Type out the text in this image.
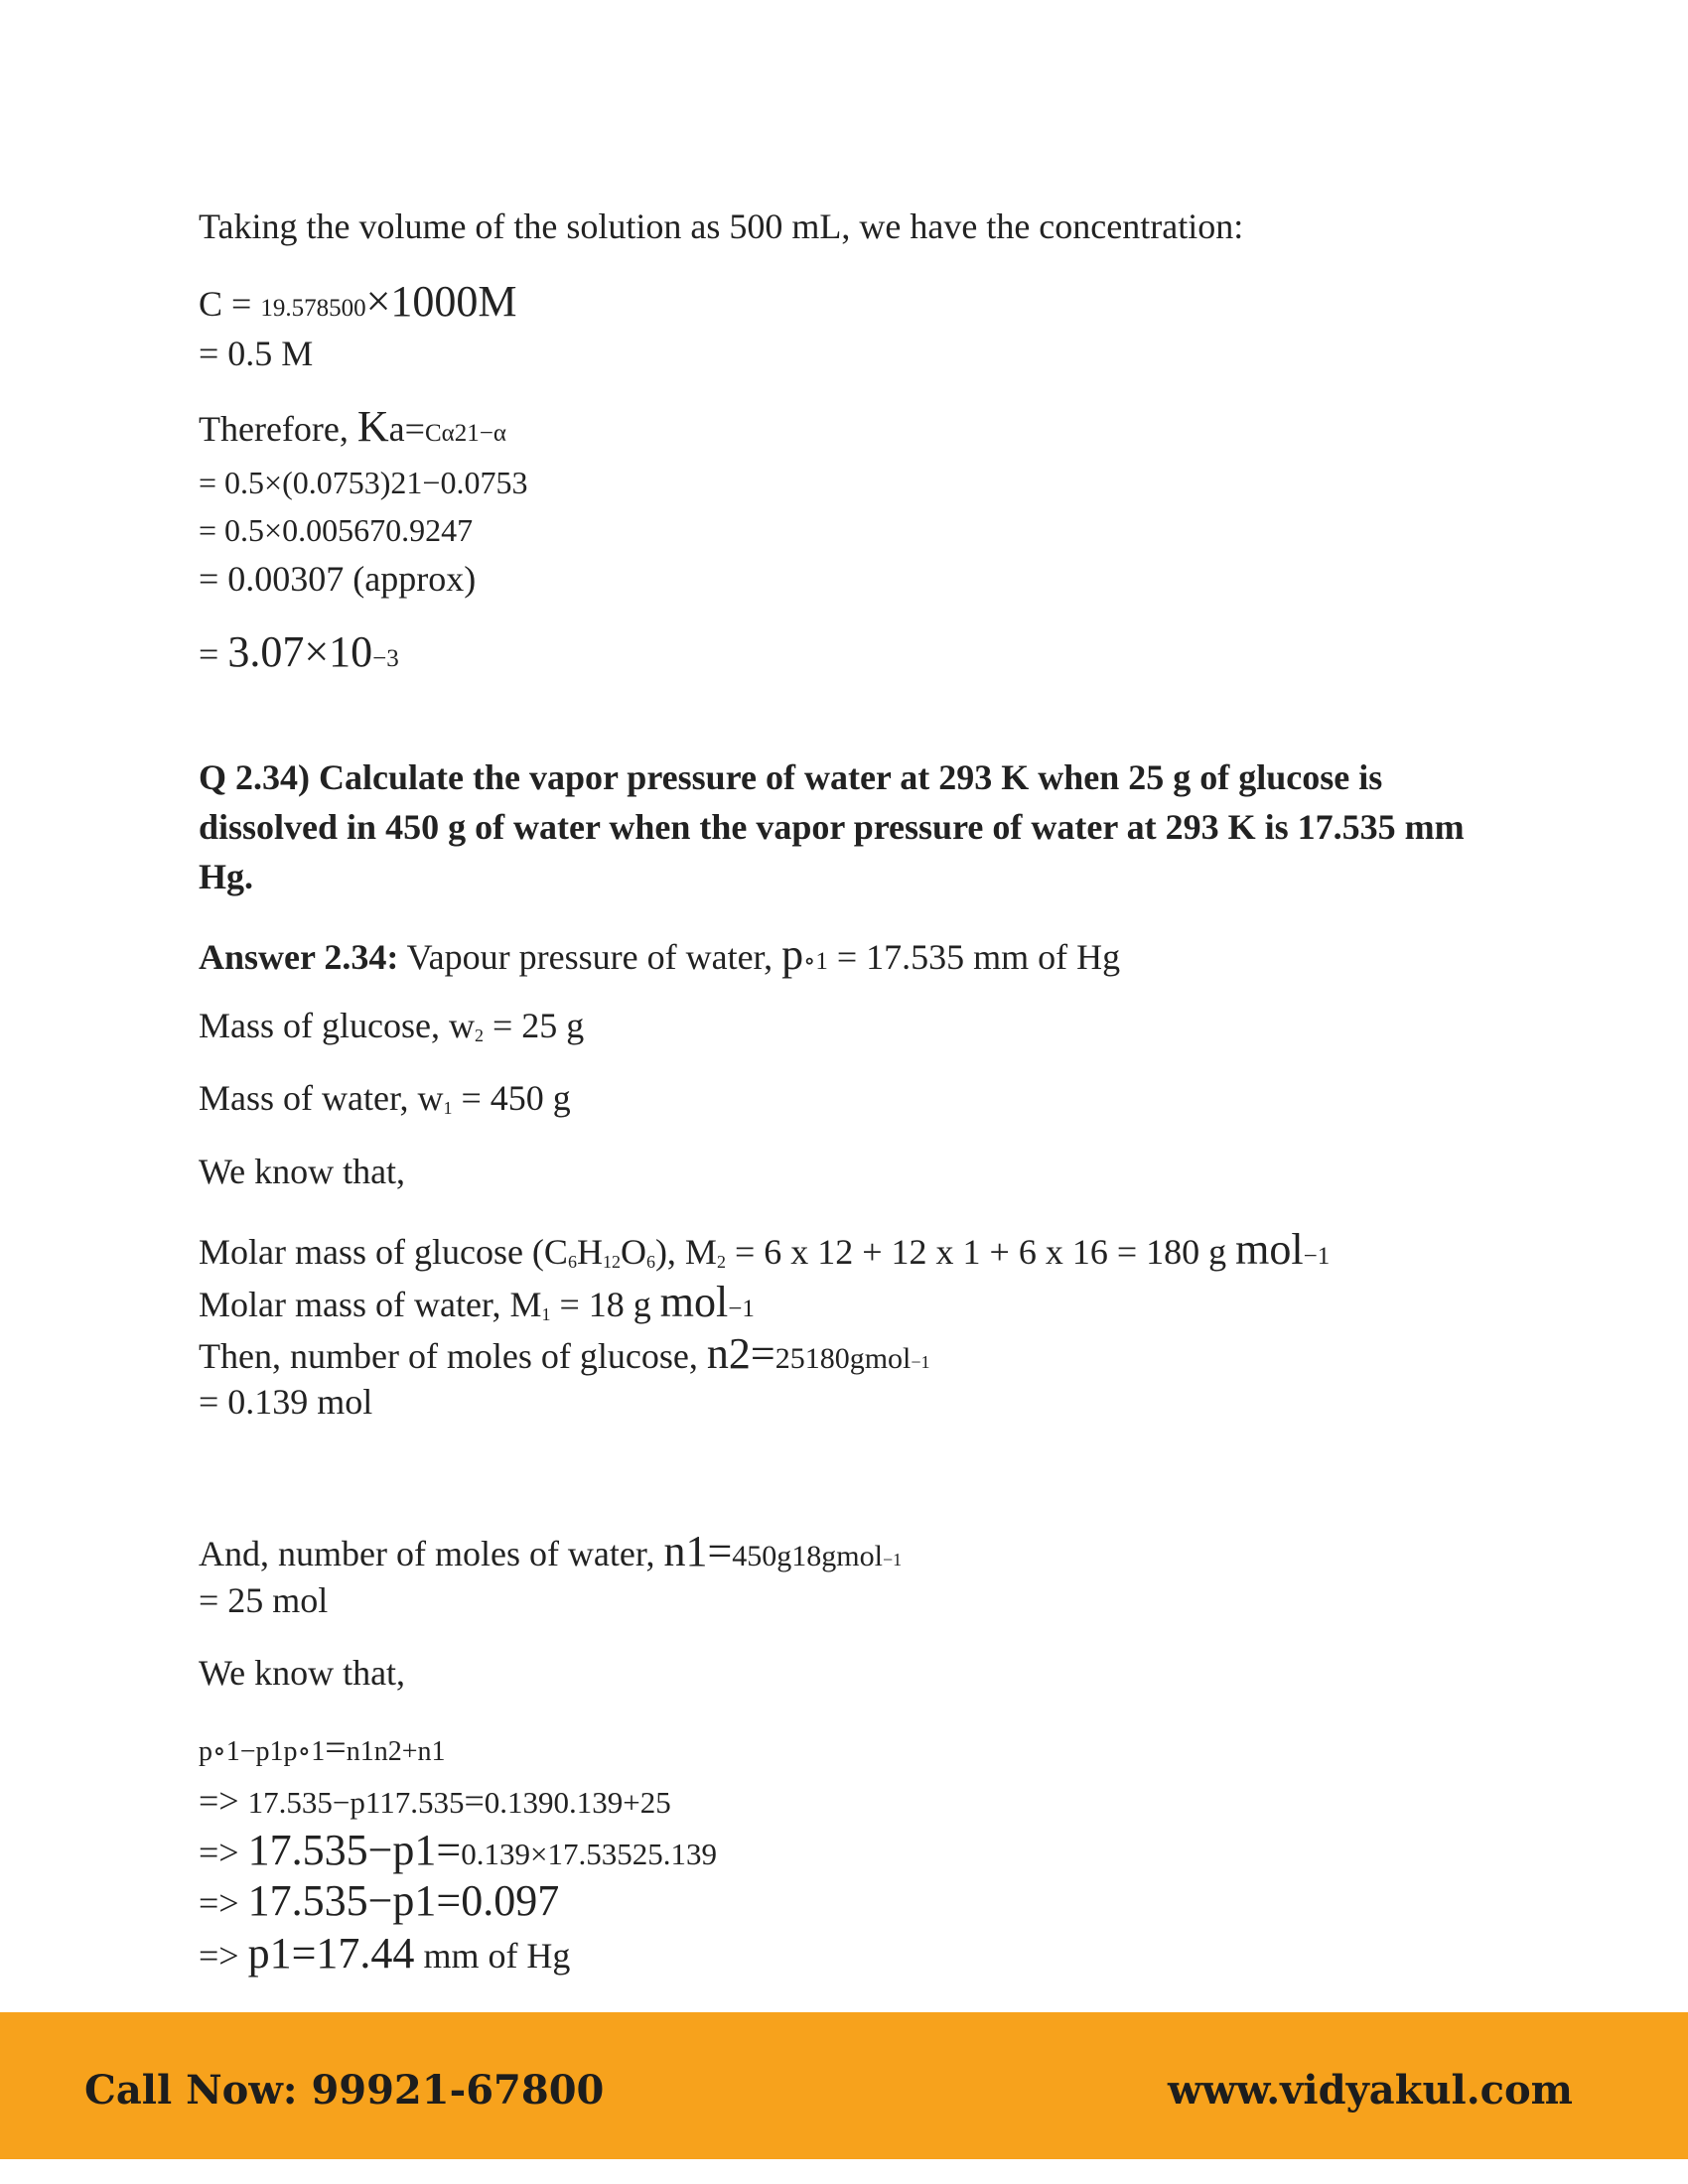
Taking the volume of the solution as 500 mL, we have the concentration:
C = 19.578500×1000M
= 0.5 M
Therefore, Ka=Cα21−α
= 0.5×(0.0753)21−0.0753
= 0.5×0.005670.9247
= 0.00307 (approx)
= 3.07×10−3
Q 2.34) Calculate the vapor pressure of water at 293 K when 25 g of glucose is dissolved in 450 g of water when the vapor pressure of water at 293 K is 17.535 mm Hg.
Answer 2.34: Vapour pressure of water, p∘1 = 17.535 mm of Hg
Mass of glucose, $w_2 = 25$ g
Mass of water, $w_1 = 450$ g
We know that,
Molar mass of glucose $(C_6H_{12}O_6)$, $M_2 = 6$ x 12 + 12 x 1 + 6 x 16 = 180 g mol−1
Molar mass of water, $M_1 = 18$ g mol−1
Then, number of moles of glucose, n2=25180gmol−1
= 0.139 mol
And, number of moles of water, n1=450g18gmol−1
= 25 mol
We know that,
p∘1−p1p∘1=n1n2+n1
=> 17.535−p117.535=0.1390.139+25
=> 17.535−p1=0.139×17.53525.139
=> 17.535−p1=0.097
=> p1=17.44 mm of Hg
Call Now: 99921-67800	www.vidyakul.com
